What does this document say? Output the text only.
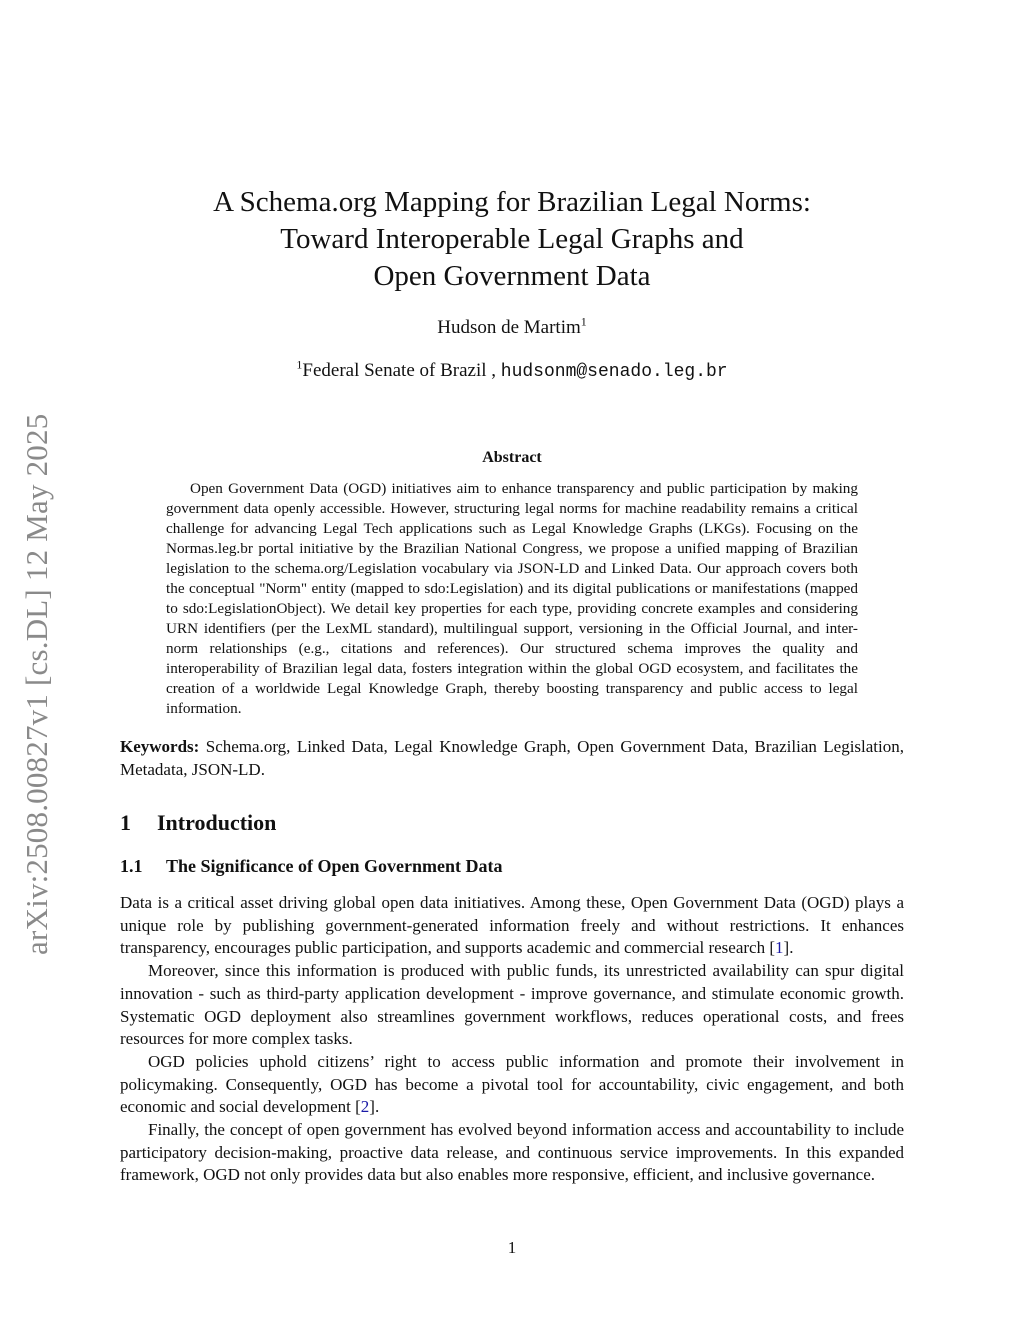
arXiv:2508.00827v1 [cs.DL] 12 May 2025
A Schema.org Mapping for Brazilian Legal Norms:
Toward Interoperable Legal Graphs and
Open Government Data
Hudson de Martim$^1$
$^1$Federal Senate of Brazil , hudsonm@senado.leg.br
Abstract

Open Government Data (OGD) initiatives aim to enhance transparency and public participation by making government data openly accessible. However, structuring legal norms for machine readability remains a critical challenge for advancing Legal Tech applications such as Legal Knowledge Graphs (LKGs). Focusing on the Normas.leg.br portal initiative by the Brazilian National Congress, we propose a unified mapping of Brazilian legislation to the schema.org/Legislation vocabulary via JSON-LD and Linked Data. Our approach covers both the conceptual "Norm" entity (mapped to sdo:Legislation) and its digital publications or manifestations (mapped to sdo:LegislationObject). We detail key properties for each type, providing concrete examples and considering URN identifiers (per the LexML standard), multilingual support, versioning in the Official Journal, and inter-norm relationships (e.g., citations and references). Our structured schema improves the quality and interoperability of Brazilian legal data, fosters integration within the global OGD ecosystem, and facilitates the creation of a worldwide Legal Knowledge Graph, thereby boosting transparency and public access to legal information.

Keywords: Schema.org, Linked Data, Legal Knowledge Graph, Open Government Data, Brazilian Legislation, Metadata, JSON-LD.

1 Introduction
1.1 The Significance of Open Government Data

Data is a critical asset driving global open data initiatives. Among these, Open Government Data (OGD) plays a unique role by publishing government-generated information freely and without restrictions. It enhances transparency, encourages public participation, and supports academic and commercial research [1].

Moreover, since this information is produced with public funds, its unrestricted availability can spur digital innovation - such as third-party application development - improve governance, and stimulate economic growth. Systematic OGD deployment also streamlines government workflows, reduces operational costs, and frees resources for more complex tasks.

OGD policies uphold citizens’ right to access public information and promote their involvement in policymaking. Consequently, OGD has become a pivotal tool for accountability, civic engagement, and both economic and social development [2].

Finally, the concept of open government has evolved beyond information access and accountability to include participatory decision-making, proactive data release, and continuous service improvements. In this expanded framework, OGD not only provides data but also enables more responsive, efficient, and inclusive governance.

1
